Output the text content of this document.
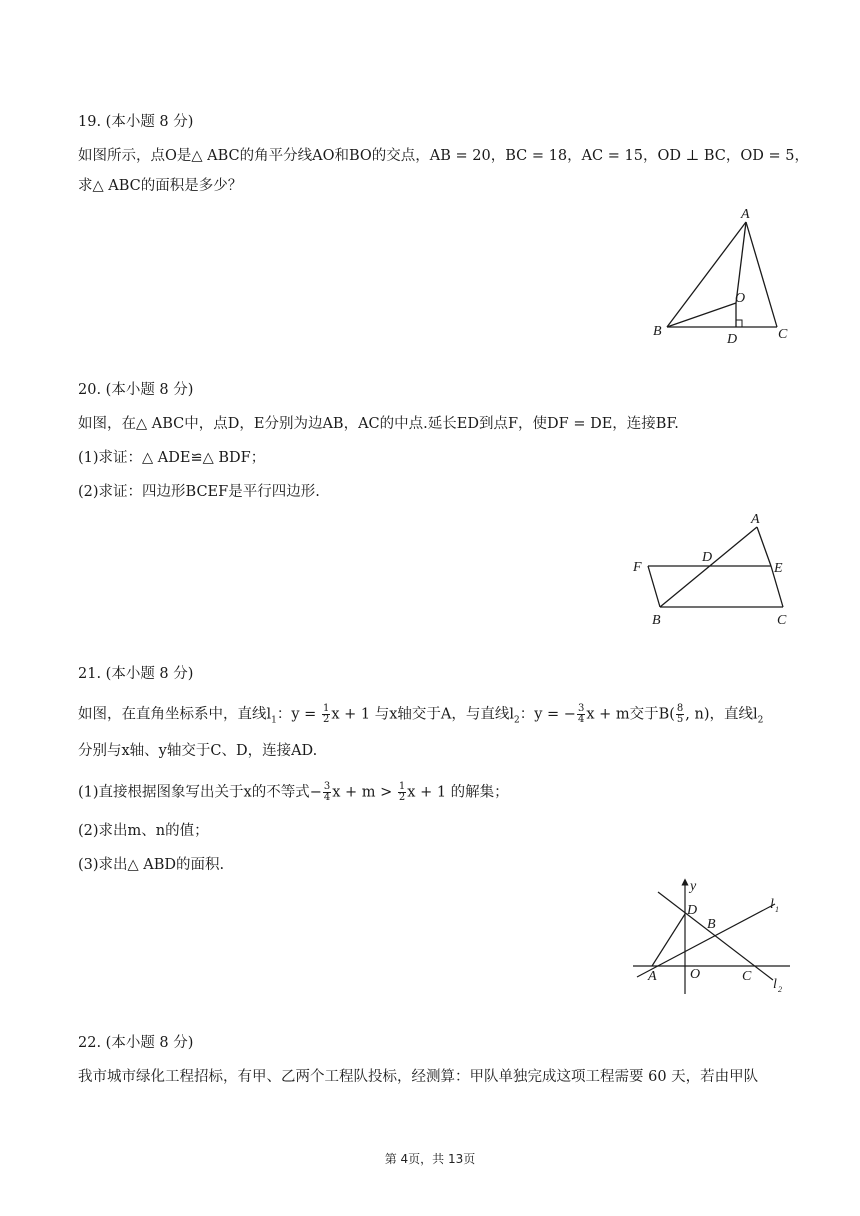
19. (本小题 8 分)
如图所示，点O是△ ABC的角平分线AO和BO的交点，AB = 20，BC = 18，AC = 15，OD ⊥ BC，OD = 5，
求△ ABC的面积是多少？
A
B	C
O
D
20. (本小题 8 分)
如图，在△ ABC中，点D，E分别为边AB，AC的中点.延长ED到点F，使DF = DE，连接BF.
(1)求证：△ ADE≌△ BDF；
(2)求证：四边形BCEF是平行四边形.
A
F
D
E
B	C
21. (本小题 8 分)
如图，在直角坐标系中，直线$l_1$：$y = \frac{1}{2}$ x + 1 与x轴交于A，与直线$l_2$：y = − $\frac{3}{4}$ x + m交于$B( \frac{8}{5}$ , n)，直线$l_2$
分别与x轴、y轴交于C、D，连接AD.
(1)直接根据图象写出关于x的不等式− $\frac{3}{4}$ $x + m > \frac{1}{2}$ x + 1 的解集；
(2)求出m、n的值；
(3)求出△ ABD的面积.
y
D
B
A O	C
l 1
l 2
22. (本小题 8 分)
我市城市绿化工程招标，有甲、乙两个工程队投标，经测算：甲队单独完成这项工程需要 60 天，若由甲队
第 4页，共 13页
